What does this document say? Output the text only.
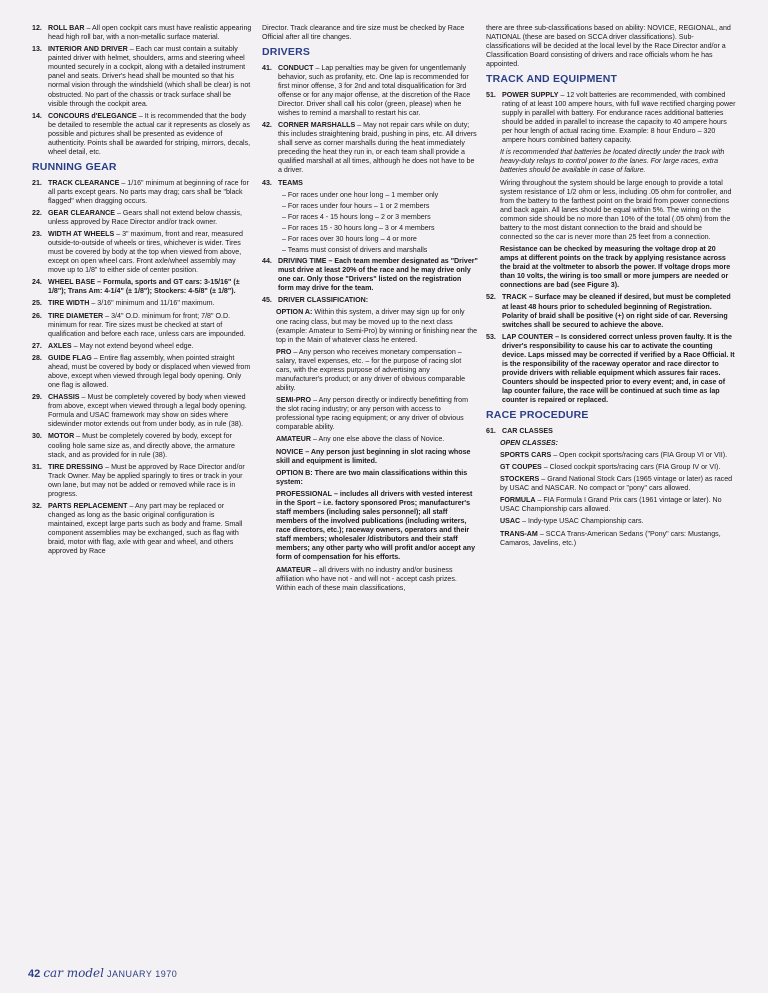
12. ROLL BAR – All open cockpit cars must have realistic appearing head high roll bar, with a non-metallic surface material.
13. INTERIOR AND DRIVER – Each car must contain a suitably painted driver with helmet, shoulders, arms and steering wheel mounted securely in a cockpit, along with a detailed instrument panel and seats. Driver's head shall be mounted so that his normal vision through the windshield (which shall be clear) is not obstructed. No part of the chassis or track surface shall be visible through the cockpit area.
14. CONCOURS d'ELEGANCE – It is recommended that the body be detailed to resemble the actual car it represents as closely as possible and pictures shall be presented as evidence of authenticity. Points shall be awarded for striping, mirrors, decals, wheel detail, etc.
RUNNING GEAR
21. TRACK CLEARANCE – 1/16" minimum at beginning of race for all parts except gears. No parts may drag; cars shall be "black flagged" when dragging occurs.
22. GEAR CLEARANCE – Gears shall not extend below chassis, unless approved by Race Director and/or track owner.
23. WIDTH AT WHEELS – 3" maximum, front and rear, measured outside-to-outside of wheels or tires, whichever is wider. Tires must be covered by body at the top when viewed from above, except on open wheel cars. Front axle/wheel assembly may move up to 1/8" to either side of center position.
24. WHEEL BASE – Formula, sports and GT cars: 3-15/16" (± 1/8"); Trans Am: 4-1/4" (± 1/8"); Stockers: 4-5/8" (± 1/8").
25. TIRE WIDTH – 3/16" minimum and 11/16" maximum.
26. TIRE DIAMETER – 3/4" O.D. minimum for front; 7/8" O.D. minimum for rear. Tire sizes must be checked at start of qualification and before each race, unless cars are impounded.
27. AXLES – May not extend beyond wheel edge.
28. GUIDE FLAG – Entire flag assembly, when pointed straight ahead, must be covered by body or displaced when viewed from above, except when viewed through legal body opening. Only one flag is allowed.
29. CHASSIS – Must be completely covered by body when viewed from above, except when viewed through a legal body opening. Formula and USAC framework may show on sides where sidewinder motor extends out from under body, as in rule (38).
30. MOTOR – Must be completely covered by body, except for cooling hole same size as, and directly above, the armature stack, and as provided for in rule (38).
31. TIRE DRESSING – Must be approved by Race Director and/or Track Owner. May be applied sparingly to tires or track in your own lane, but may not be added or removed while race is in progress.
32. PARTS REPLACEMENT – Any part may be replaced or changed as long as the basic original configuration is maintained, except large parts such as body and frame. Small component assemblies may be exchanged, such as flag with braid, motor with flag, axle with gear and wheel, and others approved by Race
Director. Track clearance and tire size must be checked by Race Official after all tire changes.
DRIVERS
41. CONDUCT – Lap penalties may be given for ungentlemanly behavior, such as profanity, etc. One lap is recommended for first minor offense, 3 for 2nd and total disqualification for 3rd offense or for any major offense, at the discretion of the Race Director. Driver shall call his color (green, please) when he wishes to remind a marshall to restart his car.
42. CORNER MARSHALLS – May not repair cars while on duty; this includes straightening braid, pushing in pins, etc. All drivers shall serve as corner marshalls during the heat immediately preceding the heat they run in, or each team shall provide a qualified marshall at all times, although he does not have to be a driver.
43. TEAMS
– For races under one hour long – 1 member only
– For races under four hours – 1 or 2 members
– For races 4 - 15 hours long – 2 or 3 members
– For races 15 - 30 hours long – 3 or 4 members
– For races over 30 hours long – 4 or more
– Teams must consist of drivers and marshalls
44. DRIVING TIME – Each team member designated as "Driver" must drive at least 20% of the race and he may drive only one car. Only those "Drivers" listed on the registration form may drive for the team.
45. DRIVER CLASSIFICATION:
OPTION A: Within this system, a driver may sign up for only one racing class, but may be moved up to the next class (example: Amateur to Semi-Pro) by winning or finishing near the top in the Main of whatever class he entered.
PRO – Any person who receives monetary compensation – salary, travel expenses, etc. – for the purpose of racing slot cars, with the express purpose of advertising any manufacturer's product; or any driver of obvious comparable ability.
SEMI-PRO – Any person directly or indirectly benefitting from the slot racing industry; or any person with access to professional type racing equipment; or any driver of obvious comparable ability.
AMATEUR – Any one else above the class of Novice.
NOVICE – Any person just beginning in slot racing whose skill and equipment is limited.
OPTION B: There are two main classifications within this system:
PROFESSIONAL – includes all drivers with vested interest in the Sport – i.e. factory sponsored Pros; manufacturer's staff members (including sales personnel); all staff members of the involved publications (including writers, race directors, etc.); raceway owners, operators and their staff members; wholesaler /distributors and their staff members; any other party who will profit and/or accept any form of compensation for his efforts.
AMATEUR – all drivers with no industry and/or business affiliation who have not - and will not - accept cash prizes. Within each of these main classifications,
there are three sub-classifications based on ability: NOVICE, REGIONAL, and NATIONAL (these are based on SCCA driver classifications). Sub-classifications will be decided at the local level by the Race Director and/or a Classification Board consisting of drivers and race officials whom he has appointed.
TRACK AND EQUIPMENT
51. POWER SUPPLY – 12 volt batteries are recommended, with combined rating of at least 100 ampere hours, with full wave rectified charging power supply in parallel with battery. For endurance races additional batteries should be added in parallel to increase the capacity to 40 ampere hours per hour length of actual racing time. Example: 8 hour Enduro – 320 ampere hours combined battery capacity.
It is recommended that batteries be located directly under the track with heavy-duty relays to control power to the lanes. For large races, extra batteries should be available in case of failure.
Wiring throughout the system should be large enough to provide a total system resistance of 1/2 ohm or less, including .05 ohm for controller, and from the battery to the farthest point on the braid from power connections and back again. All lanes should be equal within 5%. The wiring on the common side should be no more than 10% of the total (.05 ohm) from the battery to the most distant connection to the braid and should be connected so the car is never more than 25 feet from a connection.
Resistance can be checked by measuring the voltage drop at 20 amps at different points on the track by applying resistance across the braid at the voltmeter to absorb the power. If voltage drops more than 10 volts, the wiring is too small or more jumpers are needed or connections are bad (see Figure 3).
52. TRACK – Surface may be cleaned if desired, but must be completed at least 48 hours prior to scheduled beginning of Registration. Polarity of braid shall be positive (+) on right side of car. Reversing switches shall be secured to achieve the above.
53. LAP COUNTER – Is considered correct unless proven faulty. It is the driver's responsibility to cause his car to activate the counting device. Laps missed may be corrected if verified by a Race Official. It is the responsibility of the raceway operator and race director to provide drivers with reliable equipment which assures fair races. Counters should be inspected prior to every event; and, in case of lap counter failure, the race will be continued at such time as lap counter is repaired or replaced.
RACE PROCEDURE
61. CAR CLASSES
OPEN CLASSES:
SPORTS CARS – Open cockpit sports/racing cars (FIA Group VI or VII).
GT COUPES – Closed cockpit sports/racing cars (FIA Group IV or VI).
STOCKERS – Grand National Stock Cars (1965 vintage or later) as raced by USAC and NASCAR. No compact or "pony" cars allowed.
FORMULA – FIA Formula I Grand Prix cars (1961 vintage or later). No USAC Championship cars allowed.
USAC – Indy-type USAC Championship cars.
TRANS-AM – SCCA Trans-American Sedans ("Pony" cars: Mustangs, Camaros, Javelins, etc.)
42 car model JANUARY 1970
